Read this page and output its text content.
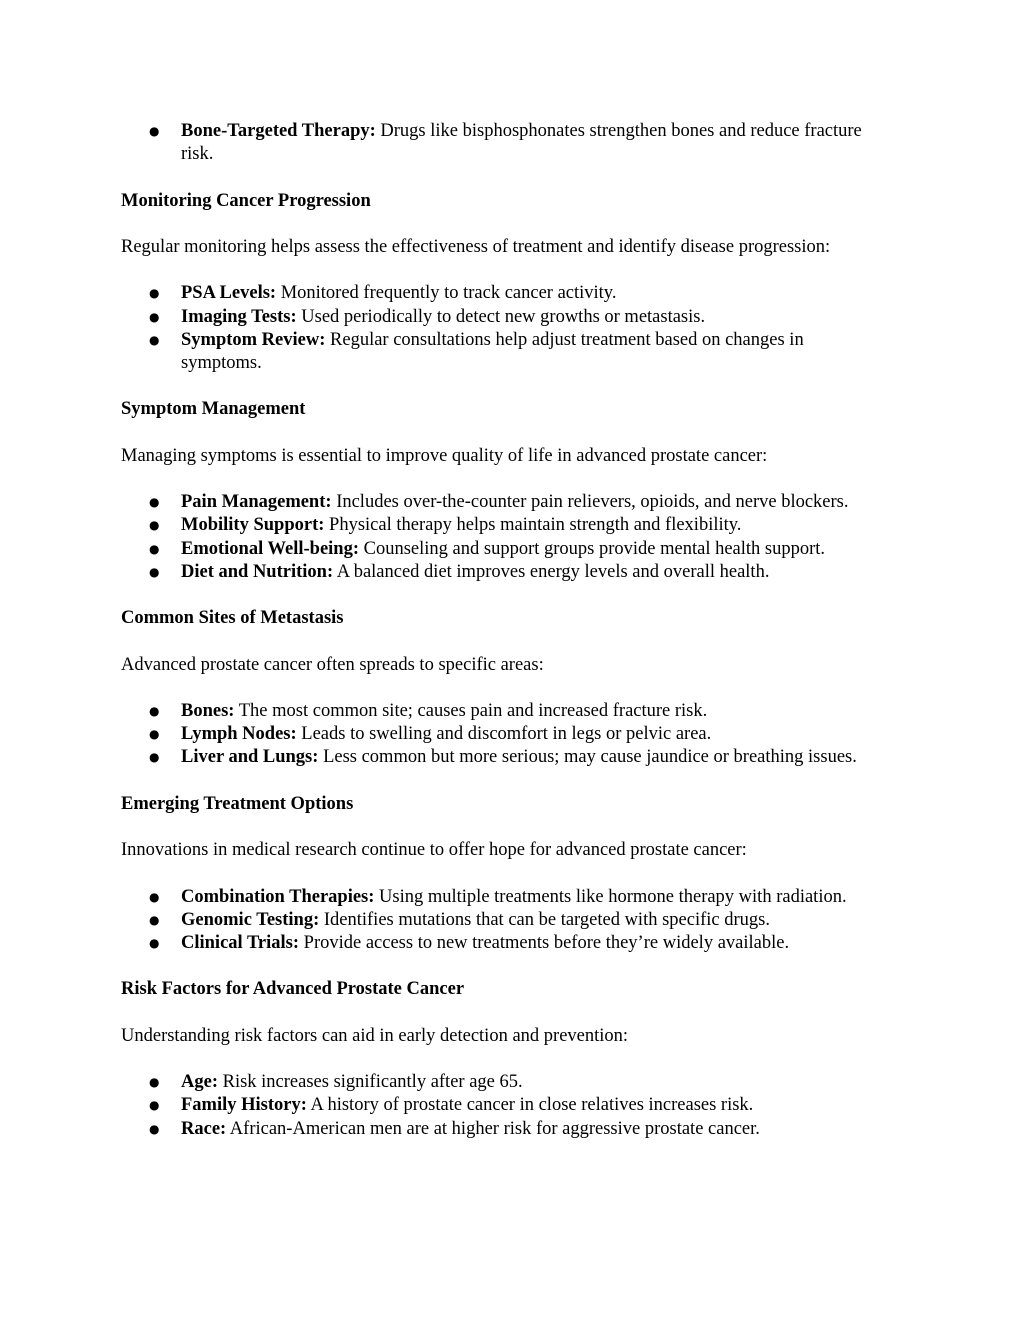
● Bone-Targeted Therapy: Drugs like bisphosphonates strengthen bones and reduce fracture risk.
Monitoring Cancer Progression

Regular monitoring helps assess the effectiveness of treatment and identify disease progression:

● PSA Levels: Monitored frequently to track cancer activity.
● Imaging Tests: Used periodically to detect new growths or metastasis.
● Symptom Review: Regular consultations help adjust treatment based on changes in symptoms.
Symptom Management

Managing symptoms is essential to improve quality of life in advanced prostate cancer:

● Pain Management: Includes over-the-counter pain relievers, opioids, and nerve blockers.
● Mobility Support: Physical therapy helps maintain strength and flexibility.
● Emotional Well-being: Counseling and support groups provide mental health support.
● Diet and Nutrition: A balanced diet improves energy levels and overall health.
Common Sites of Metastasis

Advanced prostate cancer often spreads to specific areas:

● Bones: The most common site; causes pain and increased fracture risk.
● Lymph Nodes: Leads to swelling and discomfort in legs or pelvic area.
● Liver and Lungs: Less common but more serious; may cause jaundice or breathing issues.
Emerging Treatment Options

Innovations in medical research continue to offer hope for advanced prostate cancer:

● Combination Therapies: Using multiple treatments like hormone therapy with radiation.
● Genomic Testing: Identifies mutations that can be targeted with specific drugs.
● Clinical Trials: Provide access to new treatments before they’re widely available.
Risk Factors for Advanced Prostate Cancer

Understanding risk factors can aid in early detection and prevention:

● Age: Risk increases significantly after age 65.
● Family History: A history of prostate cancer in close relatives increases risk.
● Race: African-American men are at higher risk for aggressive prostate cancer.
